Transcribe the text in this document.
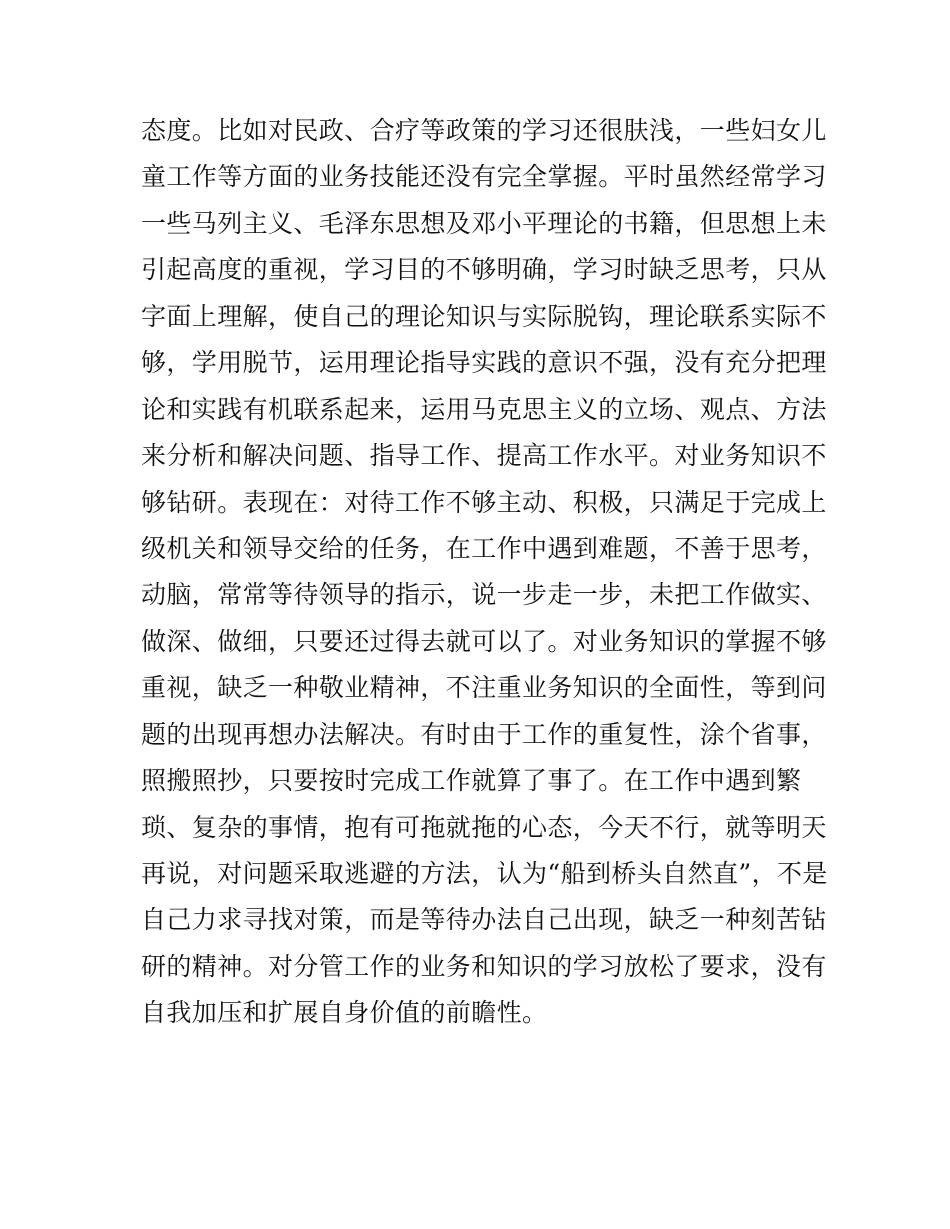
态度。比如对民政、合疗等政策的学习还很肤浅，一些妇女儿
童工作等方面的业务技能还没有完全掌握。平时虽然经常学习
一些马列主义、毛泽东思想及邓小平理论的书籍，但思想上未
引起高度的重视，学习目的不够明确，学习时缺乏思考，只从
字面上理解，使自己的理论知识与实际脱钩，理论联系实际不
够，学用脱节，运用理论指导实践的意识不强，没有充分把理
论和实践有机联系起来，运用马克思主义的立场、观点、方法
来分析和解决问题、指导工作、提高工作水平。对业务知识不
够钻研。表现在：对待工作不够主动、积极，只满足于完成上
级机关和领导交给的任务，在工作中遇到难题，不善于思考，
动脑，常常等待领导的指示，说一步走一步，未把工作做实、
做深、做细，只要还过得去就可以了。对业务知识的掌握不够
重视，缺乏一种敬业精神，不注重业务知识的全面性，等到问
题的出现再想办法解决。有时由于工作的重复性，涂个省事，
照搬照抄，只要按时完成工作就算了事了。在工作中遇到繁
琐、复杂的事情，抱有可拖就拖的心态，今天不行，就等明天
再说，对问题采取逃避的方法，认为“船到桥头自然直”，不是
自己力求寻找对策，而是等待办法自己出现，缺乏一种刻苦钻
研的精神。对分管工作的业务和知识的学习放松了要求，没有
自我加压和扩展自身价值的前瞻性。
